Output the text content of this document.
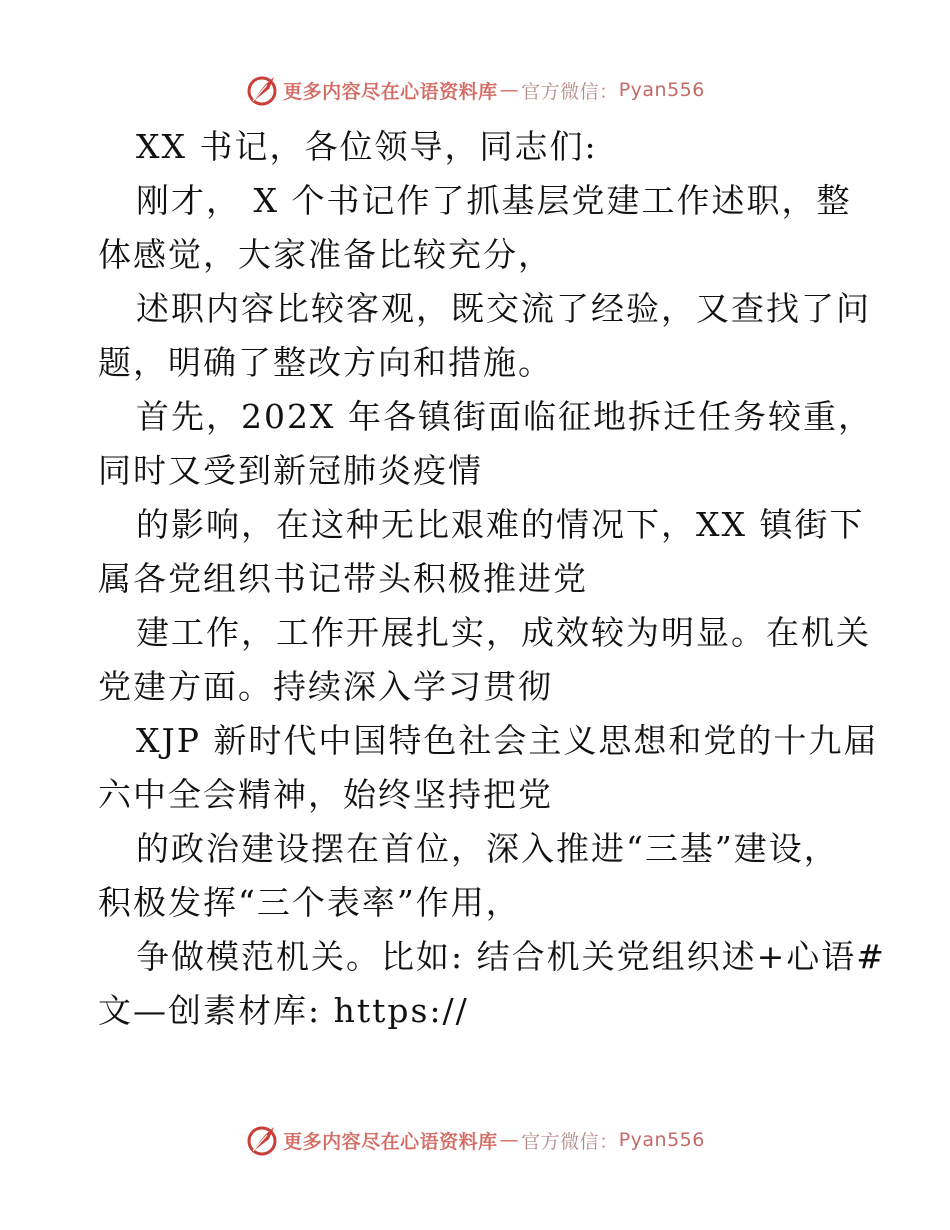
更多内容尽在心语资料库 — 官方微信： Pyan556

XX 书记，各位领导，同志们:

刚才， X 个书记作了抓基层党建工作述职，整
体感觉，大家准备比较充分，

述职内容比较客观，既交流了经验，又查找了问
题，明确了整改方向和措施。

首先，202X 年各镇街面临征地拆迁任务较重，
同时又受到新冠肺炎疫情

的影响，在这种无比艰难的情况下，XX 镇街下
属各党组织书记带头积极推进党

建工作，工作开展扎实，成效较为明显。在机关
党建方面。持续深入学习贯彻

XJP 新时代中国特色社会主义思想和党的十九届
六中全会精神，始终坚持把党

的政治建设摆在首位，深入推进“三基”建设，
积极发挥“三个表率”作用，

争做模范机关。比如: 结合机关党组织述+心语#
文—创素材库: https://

更多内容尽在心语资料库 — 官方微信： Pyan556
